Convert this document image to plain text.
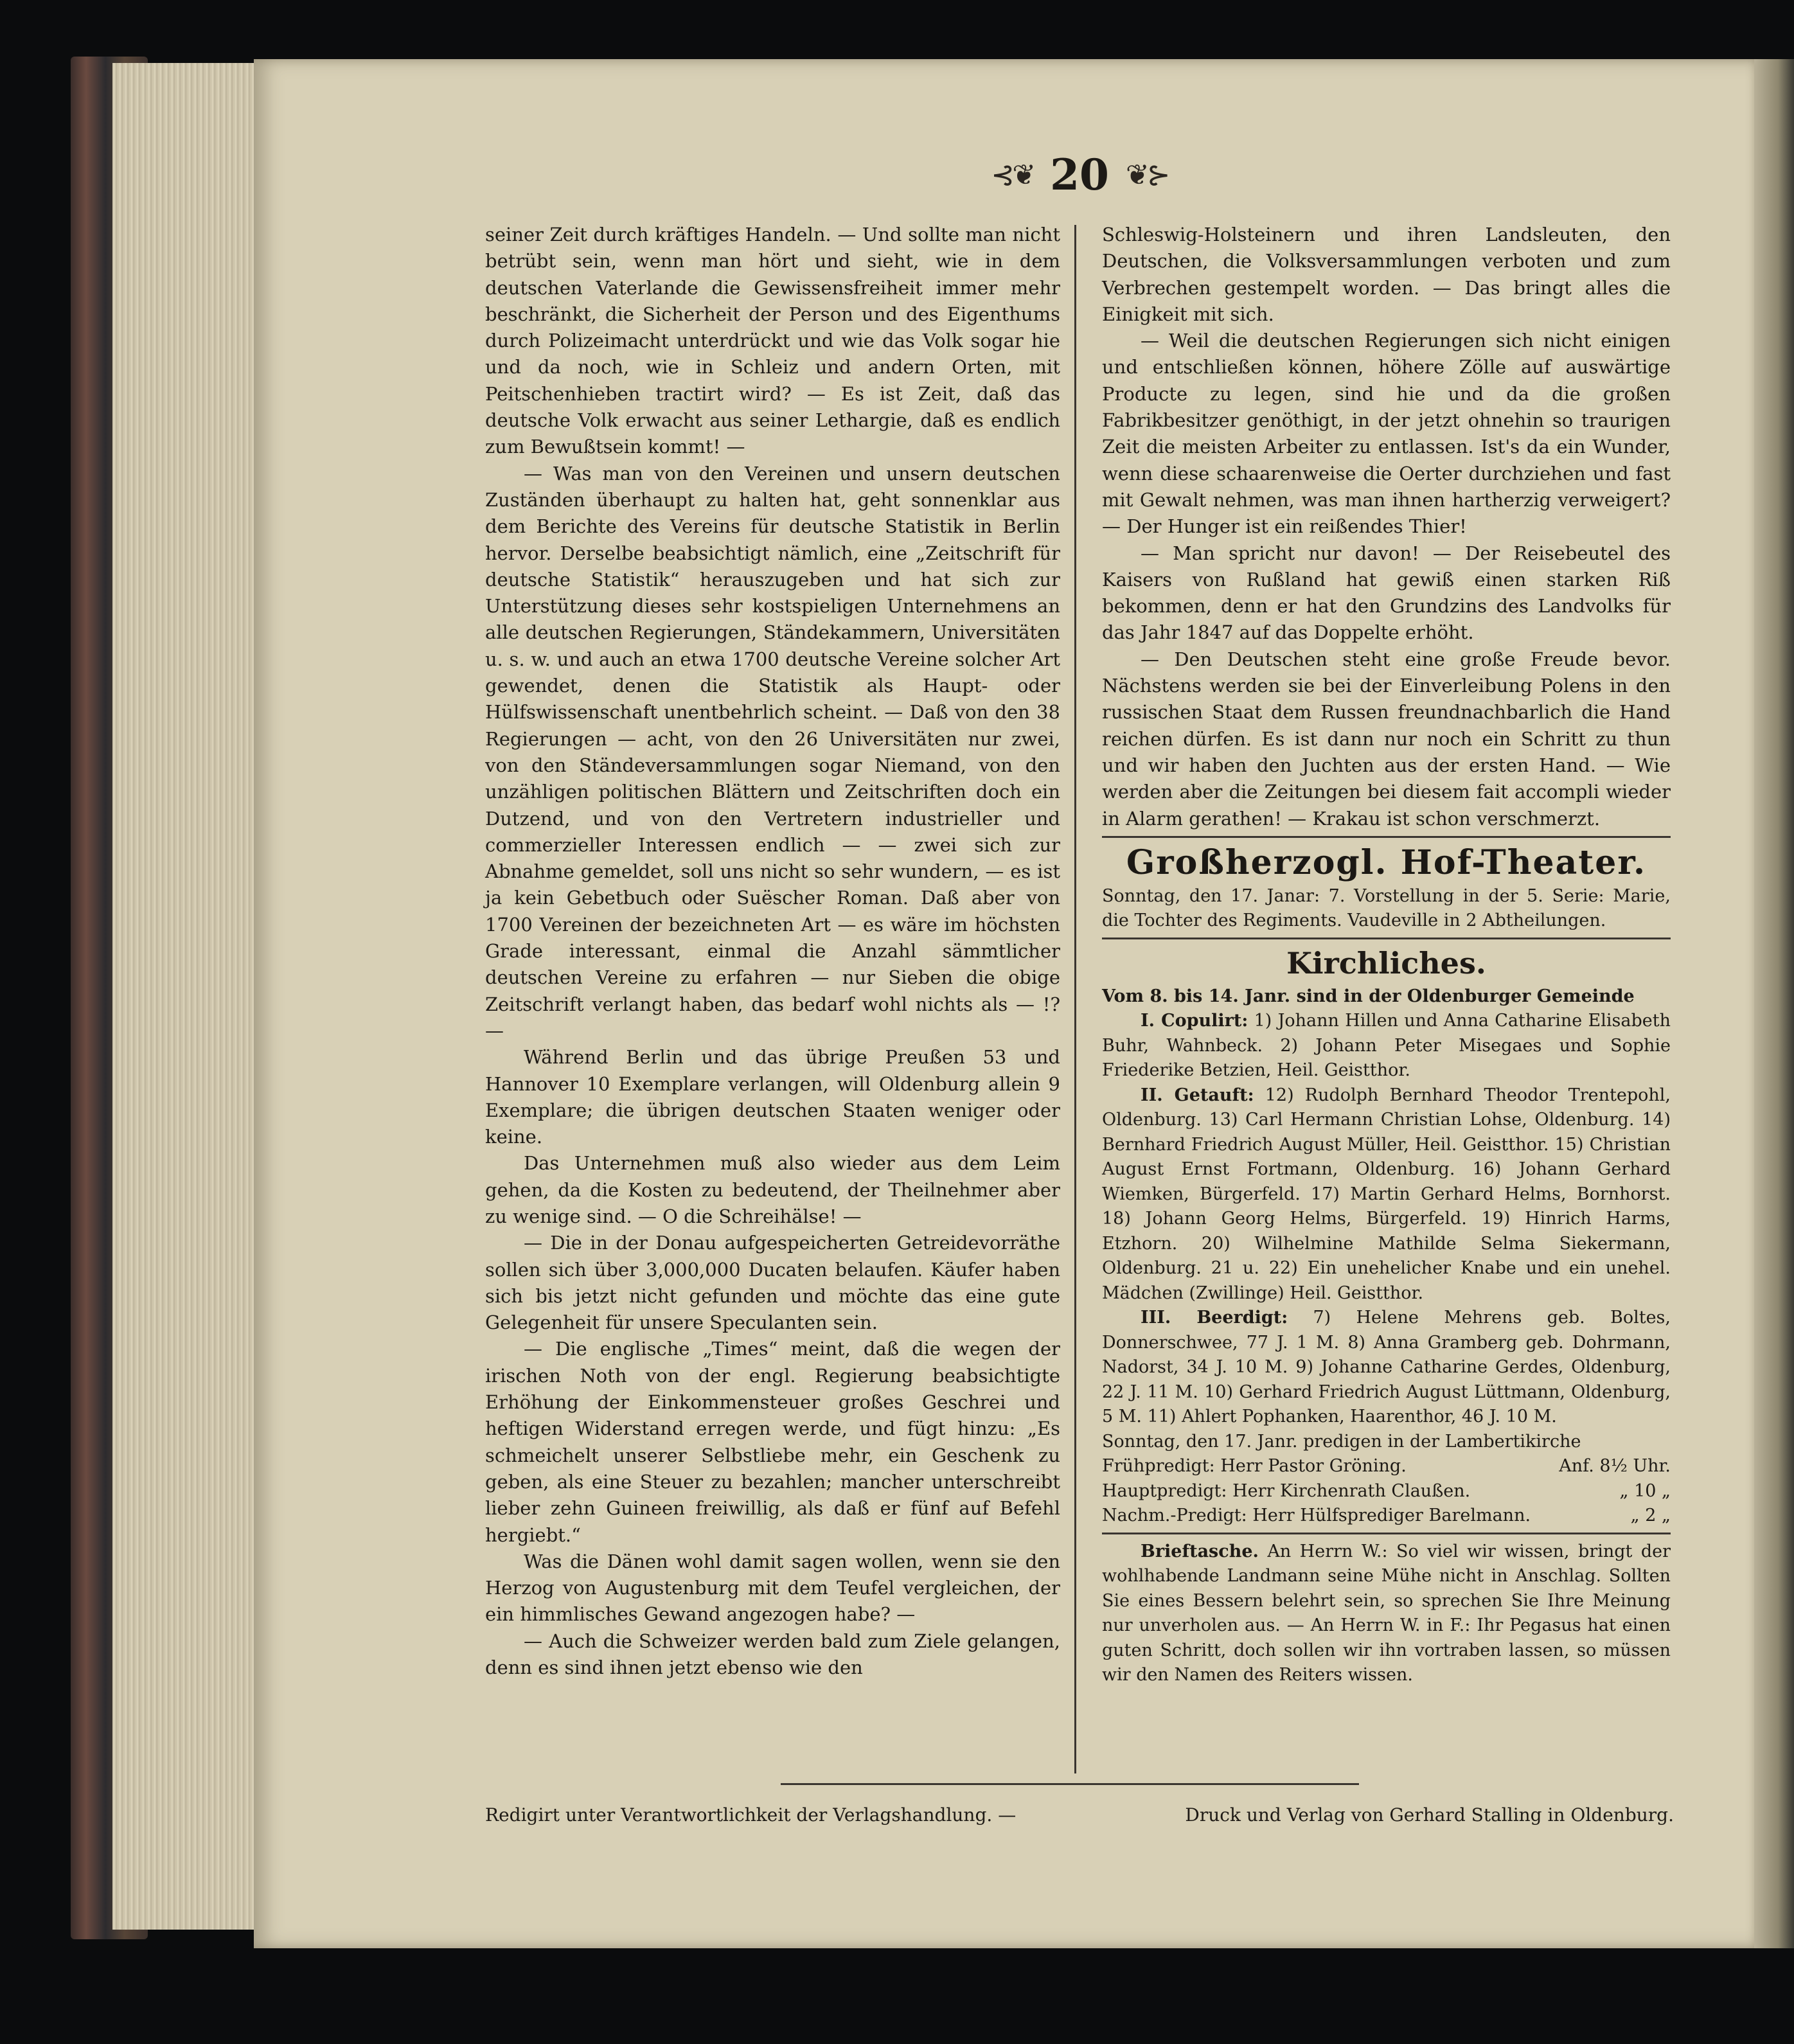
⊰❦ 20 ❦⊱

seiner Zeit durch kräftiges Handeln. — Und sollte man nicht betrübt sein, wenn man hört und sieht, wie in dem deutschen Vaterlande die Gewissensfreiheit immer mehr beschränkt, die Sicherheit der Person und des Eigenthums durch Polizeimacht unterdrückt und wie das Volk sogar hie und da noch, wie in Schleiz und andern Orten, mit Peitschenhieben tractirt wird? — Es ist Zeit, daß das deutsche Volk erwacht aus seiner Lethargie, daß es endlich zum Bewußtsein kommt! —

— Was man von den Vereinen und unsern deutschen Zuständen überhaupt zu halten hat, geht sonnenklar aus dem Berichte des Vereins für deutsche Statistik in Berlin hervor. Derselbe beabsichtigt nämlich, eine „Zeitschrift für deutsche Statistik“ herauszugeben und hat sich zur Unterstützung dieses sehr kostspieligen Unternehmens an alle deutschen Regierungen, Ständekammern, Universitäten u. s. w. und auch an etwa 1700 deutsche Vereine solcher Art gewendet, denen die Statistik als Haupt- oder Hülfswissenschaft unentbehrlich scheint. — Daß von den 38 Regierungen — acht, von den 26 Universitäten nur zwei, von den Ständeversammlungen sogar Niemand, von den unzähligen politischen Blättern und Zeitschriften doch ein Dutzend, und von den Vertretern industrieller und commerzieller Interessen endlich — — zwei sich zur Abnahme gemeldet, soll uns nicht so sehr wundern, — es ist ja kein Gebetbuch oder Suëscher Roman. Daß aber von 1700 Vereinen der bezeichneten Art — es wäre im höchsten Grade interessant, einmal die Anzahl sämmtlicher deutschen Vereine zu erfahren — nur Sieben die obige Zeitschrift verlangt haben, das bedarf wohl nichts als — !? —

Während Berlin und das übrige Preußen 53 und Hannover 10 Exemplare verlangen, will Oldenburg allein 9 Exemplare; die übrigen deutschen Staaten weniger oder keine.

Das Unternehmen muß also wieder aus dem Leim gehen, da die Kosten zu bedeutend, der Theilnehmer aber zu wenige sind. — O die Schreihälse! —

— Die in der Donau aufgespeicherten Getreidevorräthe sollen sich über 3,000,000 Ducaten belaufen. Käufer haben sich bis jetzt nicht gefunden und möchte das eine gute Gelegenheit für unsere Speculanten sein.

— Die englische „Times“ meint, daß die wegen der irischen Noth von der engl. Regierung beabsichtigte Erhöhung der Einkommensteuer großes Geschrei und heftigen Widerstand erregen werde, und fügt hinzu: „Es schmeichelt unserer Selbstliebe mehr, ein Geschenk zu geben, als eine Steuer zu bezahlen; mancher unterschreibt lieber zehn Guineen freiwillig, als daß er fünf auf Befehl hergiebt.“

Was die Dänen wohl damit sagen wollen, wenn sie den Herzog von Augustenburg mit dem Teufel vergleichen, der ein himmlisches Gewand angezogen habe? —

— Auch die Schweizer werden bald zum Ziele gelangen, denn es sind ihnen jetzt ebenso wie den

Schleswig-Holsteinern und ihren Landsleuten, den Deutschen, die Volksversammlungen verboten und zum Verbrechen gestempelt worden. — Das bringt alles die Einigkeit mit sich.

— Weil die deutschen Regierungen sich nicht einigen und entschließen können, höhere Zölle auf auswärtige Producte zu legen, sind hie und da die großen Fabrikbesitzer genöthigt, in der jetzt ohnehin so traurigen Zeit die meisten Arbeiter zu entlassen. Ist's da ein Wunder, wenn diese schaarenweise die Oerter durchziehen und fast mit Gewalt nehmen, was man ihnen hartherzig verweigert? — Der Hunger ist ein reißendes Thier!

— Man spricht nur davon! — Der Reisebeutel des Kaisers von Rußland hat gewiß einen starken Riß bekommen, denn er hat den Grundzins des Landvolks für das Jahr 1847 auf das Doppelte erhöht.

— Den Deutschen steht eine große Freude bevor. Nächstens werden sie bei der Einverleibung Polens in den russischen Staat dem Russen freundnachbarlich die Hand reichen dürfen. Es ist dann nur noch ein Schritt zu thun und wir haben den Juchten aus der ersten Hand. — Wie werden aber die Zeitungen bei diesem fait accompli wieder in Alarm gerathen! — Krakau ist schon verschmerzt.

Großherzogl. Hof-Theater.

Sonntag, den 17. Janar: 7. Vorstellung in der 5. Serie: Marie, die Tochter des Regiments. Vaudeville in 2 Abtheilungen.

Kirchliches.

Vom 8. bis 14. Janr. sind in der Oldenburger Gemeinde

I. Copulirt: 1) Johann Hillen und Anna Catharine Elisabeth Buhr, Wahnbeck. 2) Johann Peter Misegaes und Sophie Friederike Betzien, Heil. Geistthor.

II. Getauft: 12) Rudolph Bernhard Theodor Trentepohl, Oldenburg. 13) Carl Hermann Christian Lohse, Oldenburg. 14) Bernhard Friedrich August Müller, Heil. Geistthor. 15) Christian August Ernst Fortmann, Oldenburg. 16) Johann Gerhard Wiemken, Bürgerfeld. 17) Martin Gerhard Helms, Bornhorst. 18) Johann Georg Helms, Bürgerfeld. 19) Hinrich Harms, Etzhorn. 20) Wilhelmine Mathilde Selma Siekermann, Oldenburg. 21 u. 22) Ein unehelicher Knabe und ein unehel. Mädchen (Zwillinge) Heil. Geistthor.

III. Beerdigt: 7) Helene Mehrens geb. Boltes, Donnerschwee, 77 J. 1 M. 8) Anna Gramberg geb. Dohrmann, Nadorst, 34 J. 10 M. 9) Johanne Catharine Gerdes, Oldenburg, 22 J. 11 M. 10) Gerhard Friedrich August Lüttmann, Oldenburg, 5 M. 11) Ahlert Pophanken, Haarenthor, 46 J. 10 M.

Sonntag, den 17. Janr. predigen in der Lambertikirche

Frühpredigt: Herr Pastor Gröning.	Anf. 8½ Uhr.
Hauptpredigt: Herr Kirchenrath Claußen.	„ 10 „
Nachm.-Predigt: Herr Hülfsprediger Barelmann.	„ 2 „

Brieftasche. An Herrn W.: So viel wir wissen, bringt der wohlhabende Landmann seine Mühe nicht in Anschlag. Sollten Sie eines Bessern belehrt sein, so sprechen Sie Ihre Meinung nur unverholen aus. — An Herrn W. in F.: Ihr Pegasus hat einen guten Schritt, doch sollen wir ihn vortraben lassen, so müssen wir den Namen des Reiters wissen.

Redigirt unter Verantwortlichkeit der Verlagshandlung. —	Druck und Verlag von Gerhard Stalling in Oldenburg.
